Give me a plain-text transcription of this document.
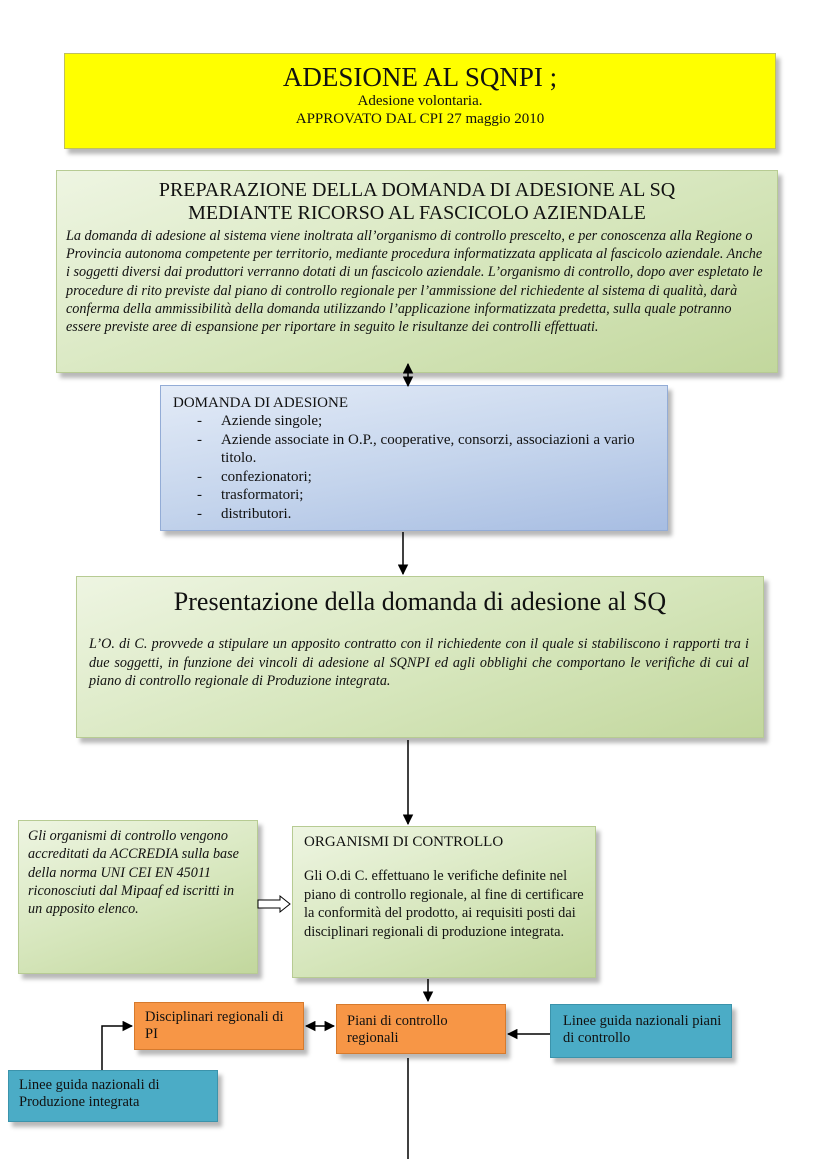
ADESIONE AL SQNPI ;
Adesione volontaria.
APPROVATO DAL CPI 27 maggio 2010
PREPARAZIONE DELLA DOMANDA DI ADESIONE AL SQ
MEDIANTE RICORSO AL FASCICOLO AZIENDALE
La domanda di adesione al sistema viene inoltrata all’organismo di controllo prescelto, e per conoscenza alla Regione o Provincia autonoma competente per territorio, mediante procedura informatizzata applicata al fascicolo aziendale. Anche i soggetti diversi dai produttori verranno dotati di un fascicolo aziendale. L’organismo di controllo, dopo aver espletato le procedure di rito previste dal piano di controllo regionale per l’ammissione del richiedente al sistema di qualità, darà conferma della ammissibilità della domanda utilizzando l’applicazione informatizzata predetta, sulla quale potranno essere previste aree di espansione per riportare in seguito le risultanze dei controlli effettuati.
DOMANDA DI ADESIONE
- Aziende singole;
- Aziende associate in O.P., cooperative, consorzi, associazioni a vario titolo.
- confezionatori;
- trasformatori;
- distributori.
Presentazione della domanda di adesione al SQ
L’O. di C. provvede a stipulare un apposito contratto con il richiedente con il quale si stabiliscono i rapporti tra i due soggetti, in funzione dei vincoli di adesione al SQNPI ed agli obblighi che comportano le verifiche di cui al piano di controllo regionale di Produzione integrata.
Gli organismi di controllo vengono accreditati da ACCREDIA sulla base della norma UNI CEI EN 45011 riconosciuti dal Mipaaf ed iscritti in un apposito elenco.
ORGANISMI DI CONTROLLO
Gli O.di C. effettuano le verifiche definite nel piano di controllo regionale, al fine di certificare la conformità del prodotto, ai requisiti posti dai disciplinari regionali di produzione integrata.
Disciplinari regionali di PI
Piani di controllo regionali
Linee guida nazionali piani di controllo
Linee guida nazionali di Produzione integrata
